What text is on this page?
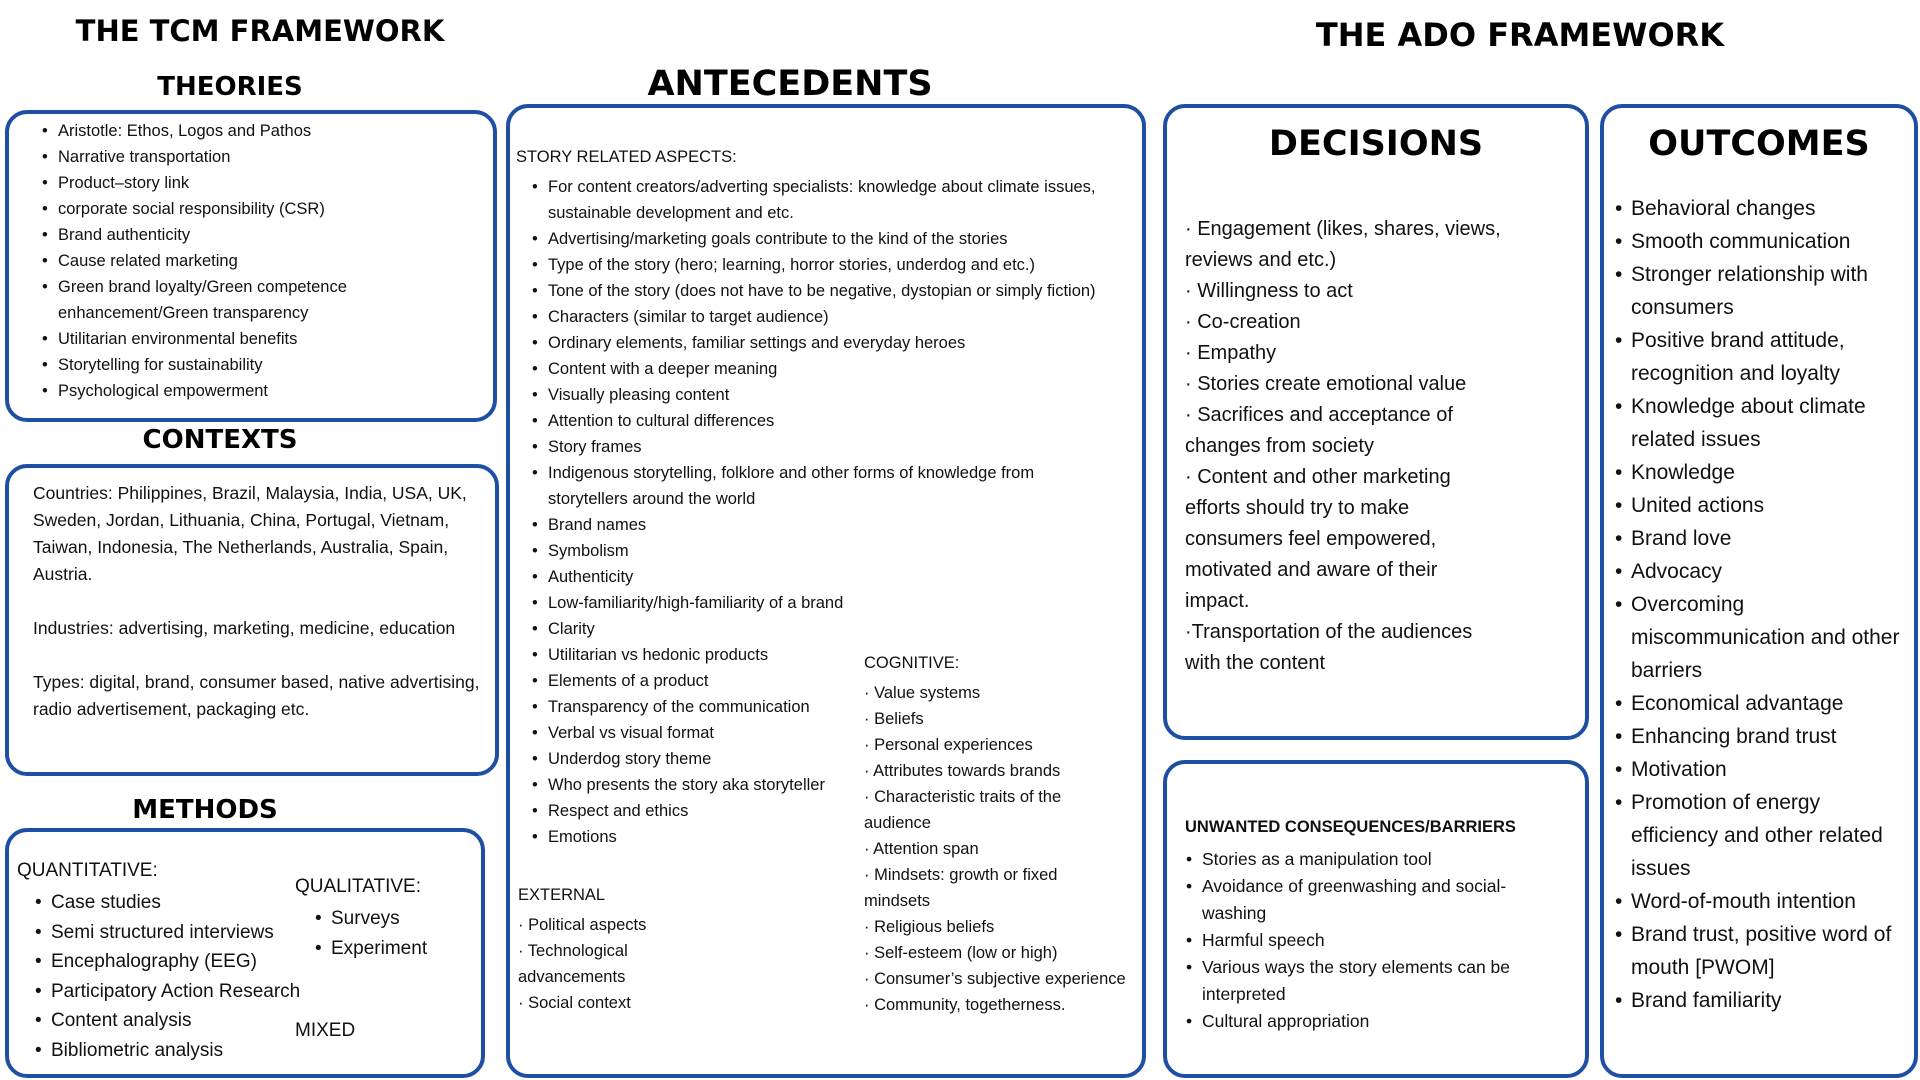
THE TCM FRAMEWORK	THE ADO FRAMEWORK
THEORIES
CONTEXTS
METHODS
ANTECEDENTS
• Aristotle: Ethos, Logos and Pathos
• Narrative transportation
• Product–story link
• corporate social responsibility (CSR)
• Brand authenticity
• Cause related marketing
• Green brand loyalty/Green competence enhancement/Green transparency
• Utilitarian environmental benefits
• Storytelling for sustainability
• Psychological empowerment

Countries: Philippines, Brazil, Malaysia, India, USA, UK, Sweden, Jordan, Lithuania, China, Portugal, Vietnam, Taiwan, Indonesia, The Netherlands, Australia, Spain, Austria.

Industries: advertising, marketing, medicine, education

Types: digital, brand, consumer based, native advertising, radio advertisement, packaging etc.

QUANTITATIVE:
• Case studies
• Semi structured interviews
• Encephalography (EEG)
• Participatory Action Research
• Content analysis
• Bibliometric analysis
QUALITATIVE:
• Surveys
• Experiment
MIXED
STORY RELATED ASPECTS:
• For content creators/adverting specialists: knowledge about climate issues, sustainable development and etc.
• Advertising/marketing goals contribute to the kind of the stories
• Type of the story (hero; learning, horror stories, underdog and etc.)
• Tone of the story (does not have to be negative, dystopian or simply fiction)
• Characters (similar to target audience)
• Ordinary elements, familiar settings and everyday heroes
• Content with a deeper meaning
• Visually pleasing content
• Attention to cultural differences
• Story frames
• Indigenous storytelling, folklore and other forms of knowledge from storytellers around the world
• Brand names
• Symbolism
• Authenticity
• Low-familiarity/high-familiarity of a brand
• Clarity
• Utilitarian vs hedonic products
• Elements of a product
• Transparency of the communication
• Verbal vs visual format
• Underdog story theme
• Who presents the story aka storyteller
• Respect and ethics
• Emotions
EXTERNAL

· Political aspects

· Technological advancements

· Social context

COGNITIVE:

· Value systems

· Beliefs

· Personal experiences

· Attributes towards brands

· Characteristic traits of the audience

· Attention span

· Mindsets: growth or fixed mindsets

· Religious beliefs

· Self-esteem (low or high)

· Consumer’s subjective experience

· Community, togetherness.

DECISIONS

· Engagement (likes, shares, views, reviews and etc.)

· Willingness to act

· Co-creation

· Empathy

· Stories create emotional value

· Sacrifices and acceptance of changes from society

· Content and other marketing efforts should try to make consumers feel empowered, motivated and aware of their impact.

·Transportation of the audiences with the content

UNWANTED CONSEQUENCES/BARRIERS
• Stories as a manipulation tool
• Avoidance of greenwashing and social-washing
• Harmful speech
• Various ways the story elements can be interpreted
• Cultural appropriation
OUTCOMES
• Behavioral changes
• Smooth communication
• Stronger relationship with consumers
• Positive brand attitude, recognition and loyalty
• Knowledge about climate related issues
• Knowledge
• United actions
• Brand love
• Advocacy
• Overcoming miscommunication and other barriers
• Economical advantage
• Enhancing brand trust
• Motivation
• Promotion of energy efficiency and other related issues
• Word-of-mouth intention
• Brand trust, positive word of mouth [PWOM]
• Brand familiarity
